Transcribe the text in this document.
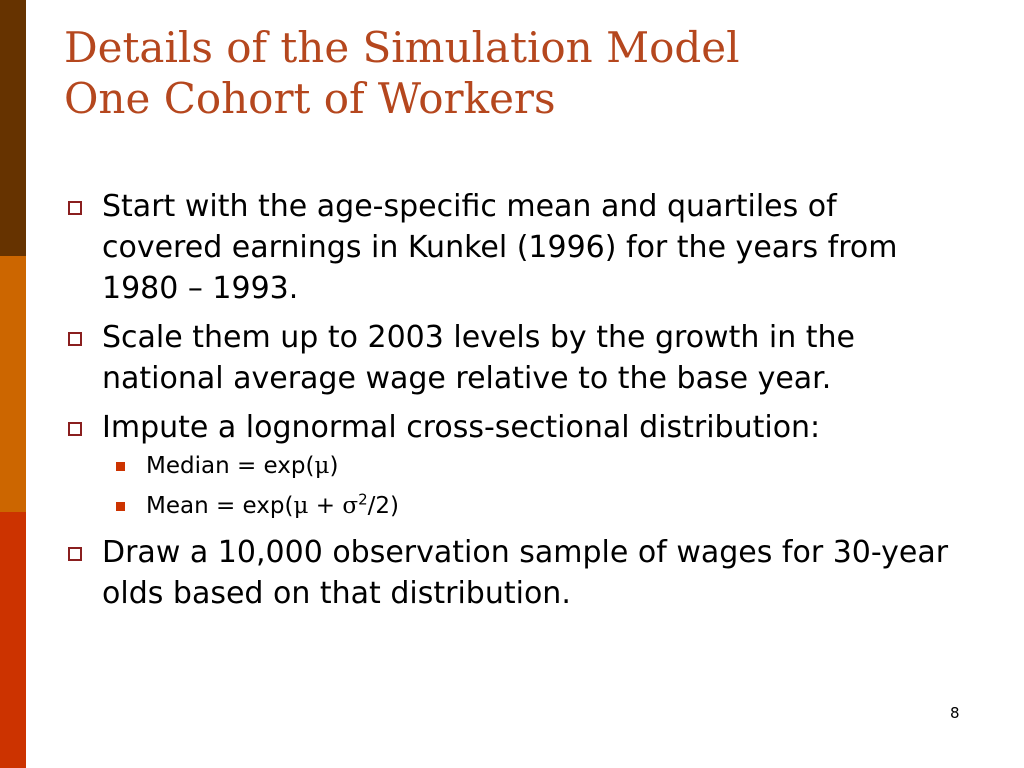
Details of the Simulation Model
One Cohort of Workers
Start with the age-specific mean and quartiles of covered earnings in Kunkel (1996) for the years from 1980 – 1993.
Scale them up to 2003 levels by the growth in the national average wage relative to the base year.
Impute a lognormal cross-sectional distribution:
Median = exp(μ)
Mean = $\exp(\mu + \sigma^2/2)$
Draw a 10,000 observation sample of wages for 30-year olds based on that distribution.
8
